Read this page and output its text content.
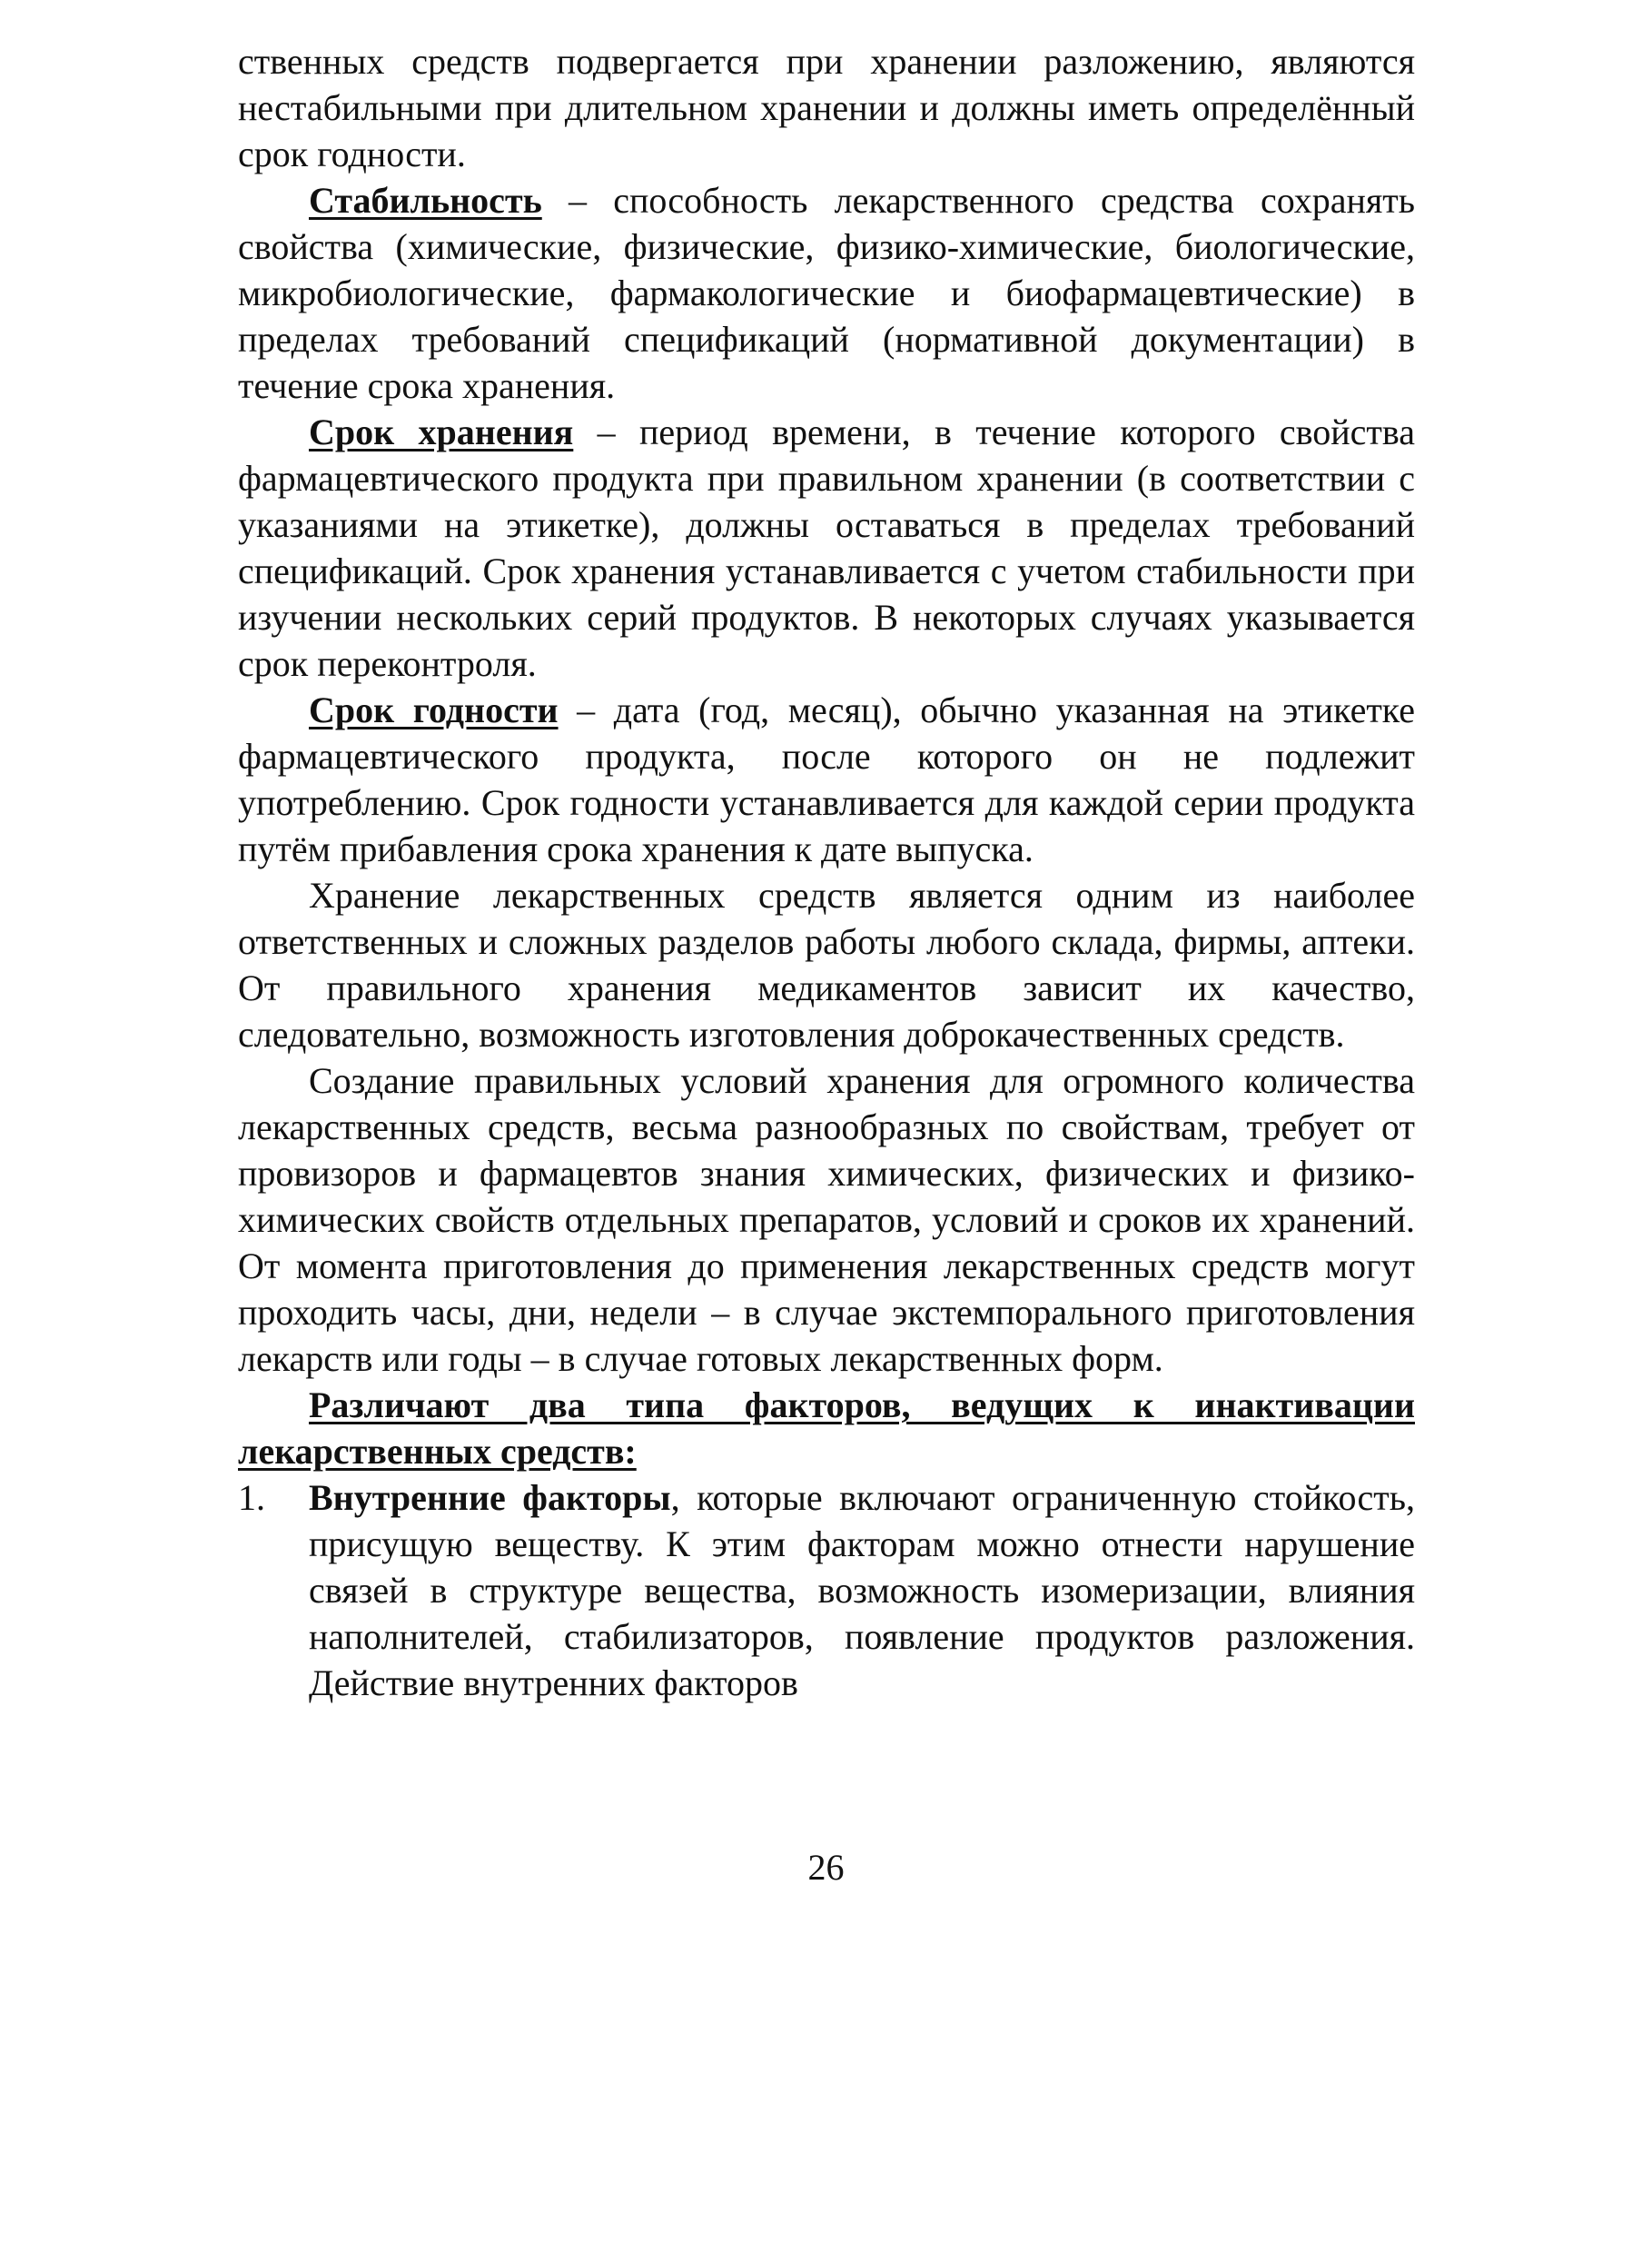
ственных средств подвергается при хранении разложению, являются нестабильными при длительном хранении и должны иметь определённый срок годности.

Стабильность – способность лекарственного средства сохранять свойства (химические, физические, физико-химические, биологические, микробиологические, фармакологические и биофармацевтические) в пределах требований спецификаций (нормативной документации) в течение срока хранения.

Срок хранения – период времени, в течение которого свойства фармацевтического продукта при правильном хранении (в соответствии с указаниями на этикетке), должны оставаться в пределах требований спецификаций. Срок хранения устанавливается с учетом стабильности при изучении нескольких серий продуктов. В некоторых случаях указывается срок переконтроля.

Срок годности – дата (год, месяц), обычно указанная на этикетке фармацевтического продукта, после которого он не подлежит употреблению. Срок годности устанавливается для каждой серии продукта путём прибавления срока хранения к дате выпуска.

Хранение лекарственных средств является одним из наиболее ответственных и сложных разделов работы любого склада, фирмы, аптеки. От правильного хранения медикаментов зависит их качество, следовательно, возможность изготовления доброкачественных средств.

Создание правильных условий хранения для огромного количества лекарственных средств, весьма разнообразных по свойствам, требует от провизоров и фармацевтов знания химических, физических и физико-химических свойств отдельных препаратов, условий и сроков их хранений. От момента приготовления до применения лекарственных средств могут проходить часы, дни, недели – в случае экстемпорального приготовления лекарств или годы – в случае готовых лекарственных форм.

Различают два типа факторов, ведущих к инактивации лекарственных средств:

1.	Внутренние факторы, которые включают ограниченную стойкость, присущую веществу. К этим факторам можно отнести нарушение связей в структуре вещества, возможность изомеризации, влияния наполнителей, стабилизаторов, появление продуктов разложения. Действие внутренних факторов
26
